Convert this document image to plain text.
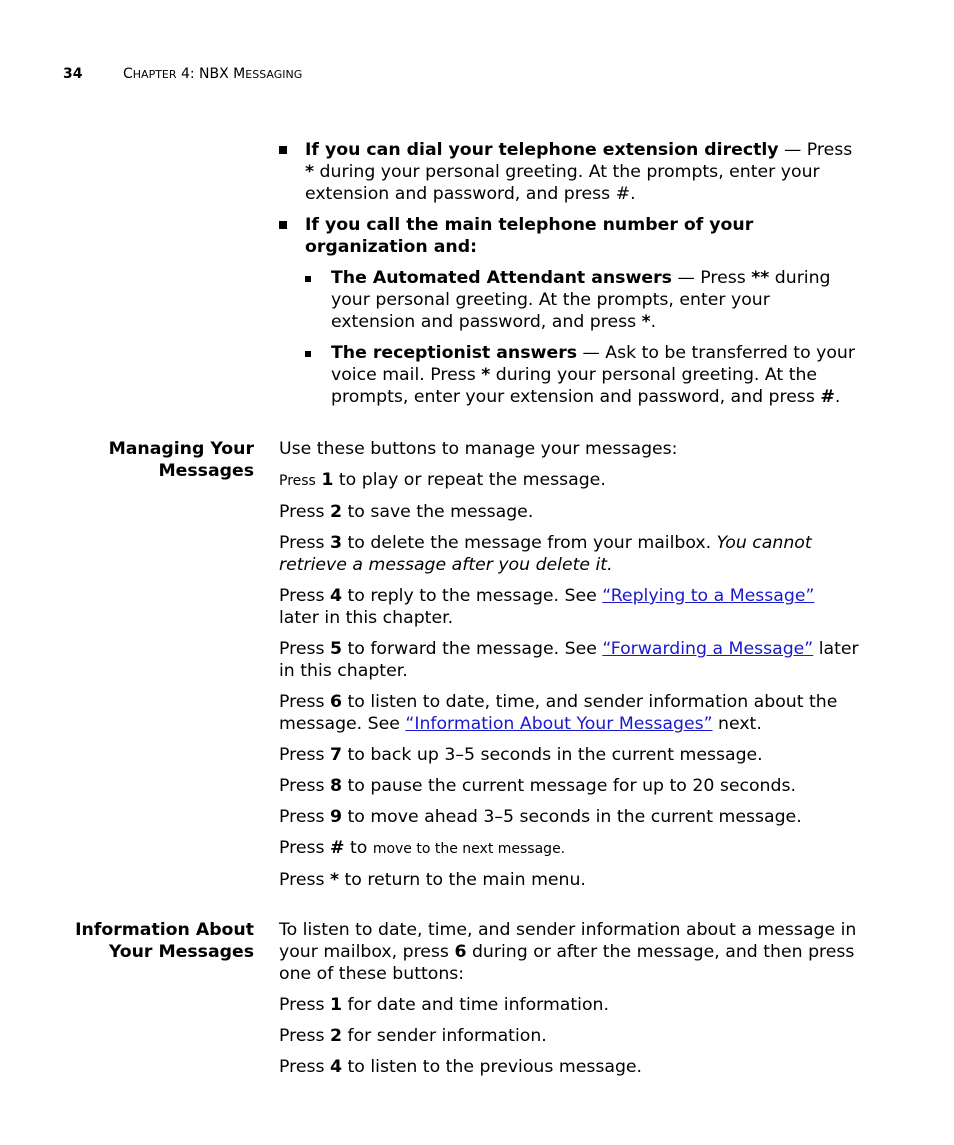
34	CHAPTER 4: NBX MESSAGING
If you can dial your telephone extension directly — Press * during your personal greeting. At the prompts, enter your extension and password, and press #.
If you call the main telephone number of your organization and:
The Automated Attendant answers — Press ** during your personal greeting. At the prompts, enter your extension and password, and press *.
The receptionist answers — Ask to be transferred to your voice mail. Press * during your personal greeting. At the prompts, enter your extension and password, and press #.
Managing Your
Messages

Use these buttons to manage your messages:

Press 1 to play or repeat the message.

Press 2 to save the message.

Press 3 to delete the message from your mailbox. You cannot retrieve a message after you delete it.

Press 4 to reply to the message. See “Replying to a Message” later in this chapter.

Press 5 to forward the message. See “Forwarding a Message” later in this chapter.

Press 6 to listen to date, time, and sender information about the message. See “Information About Your Messages” next.

Press 7 to back up 3–5 seconds in the current message.

Press 8 to pause the current message for up to 20 seconds.

Press 9 to move ahead 3–5 seconds in the current message.

Press # to move to the next message.

Press * to return to the main menu.

Information About
Your Messages

To listen to date, time, and sender information about a message in your mailbox, press 6 during or after the message, and then press one of these buttons:

Press 1 for date and time information.

Press 2 for sender information.

Press 4 to listen to the previous message.
